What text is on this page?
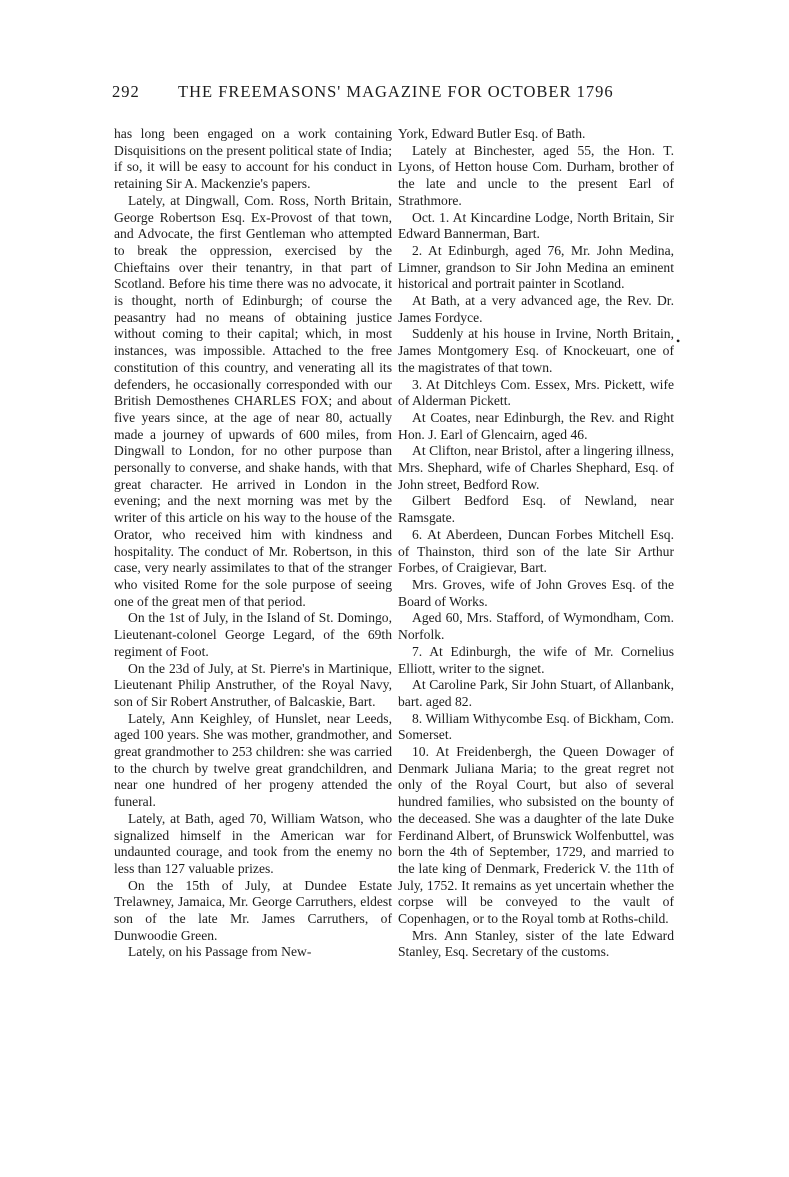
292 THE FREEMASONS' MAGAZINE FOR OCTOBER 1796

has long been engaged on a work containing Disquisitions on the present political state of India; if so, it will be easy to account for his conduct in retaining Sir A. Mackenzie's papers.

Lately, at Dingwall, Com. Ross, North Britain, George Robertson Esq. Ex-Provost of that town, and Advocate, the first Gentleman who attempted to break the oppression, exercised by the Chieftains over their tenantry, in that part of Scotland. Before his time there was no advocate, it is thought, north of Edinburgh; of course the peasantry had no means of obtaining justice without coming to their capital; which, in most instances, was impossible. Attached to the free constitution of this country, and venerating all its defenders, he occasionally corresponded with our British Demosthenes CHARLES FOX; and about five years since, at the age of near 80, actually made a journey of upwards of 600 miles, from Dingwall to London, for no other purpose than personally to converse, and shake hands, with that great character. He arrived in London in the evening; and the next morning was met by the writer of this article on his way to the house of the Orator, who received him with kindness and hospitality. The conduct of Mr. Robertson, in this case, very nearly assimilates to that of the stranger who visited Rome for the sole purpose of seeing one of the great men of that period.

On the 1st of July, in the Island of St. Domingo, Lieutenant-colonel George Legard, of the 69th regiment of Foot.

On the 23d of July, at St. Pierre's in Martinique, Lieutenant Philip Anstruther, of the Royal Navy, son of Sir Robert Anstruther, of Balcaskie, Bart.

Lately, Ann Keighley, of Hunslet, near Leeds, aged 100 years. She was mother, grandmother, and great grandmother to 253 children: she was carried to the church by twelve great grandchildren, and near one hundred of her progeny attended the funeral.

Lately, at Bath, aged 70, William Watson, who signalized himself in the American war for undaunted courage, and took from the enemy no less than 127 valuable prizes.

On the 15th of July, at Dundee Estate Trelawney, Jamaica, Mr. George Carruthers, eldest son of the late Mr. James Carruthers, of Dunwoodie Green.

Lately, on his Passage from New-

York, Edward Butler Esq. of Bath.

Lately at Binchester, aged 55, the Hon. T. Lyons, of Hetton house Com. Durham, brother of the late and uncle to the present Earl of Strathmore.

Oct. 1. At Kincardine Lodge, North Britain, Sir Edward Bannerman, Bart.

2. At Edinburgh, aged 76, Mr. John Medina, Limner, grandson to Sir John Medina an eminent historical and portrait painter in Scotland.

At Bath, at a very advanced age, the Rev. Dr. James Fordyce.

Suddenly at his house in Irvine, North Britain, James Montgomery Esq. of Knockeuart, one of the magistrates of that town.

3. At Ditchleys Com. Essex, Mrs. Pickett, wife of Alderman Pickett.

At Coates, near Edinburgh, the Rev. and Right Hon. J. Earl of Glencairn, aged 46.

At Clifton, near Bristol, after a lingering illness, Mrs. Shephard, wife of Charles Shephard, Esq. of John street, Bedford Row.

Gilbert Bedford Esq. of Newland, near Ramsgate.

6. At Aberdeen, Duncan Forbes Mitchell Esq. of Thainston, third son of the late Sir Arthur Forbes, of Craigievar, Bart.

Mrs. Groves, wife of John Groves Esq. of the Board of Works.

Aged 60, Mrs. Stafford, of Wymondham, Com. Norfolk.

7. At Edinburgh, the wife of Mr. Cornelius Elliott, writer to the signet.

At Caroline Park, Sir John Stuart, of Allanbank, bart. aged 82.

8. William Withycombe Esq. of Bickham, Com. Somerset.

10. At Freidenbergh, the Queen Dowager of Denmark Juliana Maria; to the great regret not only of the Royal Court, but also of several hundred families, who subsisted on the bounty of the deceased. She was a daughter of the late Duke Ferdinand Albert, of Brunswick Wolfenbuttel, was born the 4th of September, 1729, and married to the late king of Denmark, Frederick V. the 11th of July, 1752. It remains as yet uncertain whether the corpse will be conveyed to the vault of Copenhagen, or to the Royal tomb at Roths-child.

Mrs. Ann Stanley, sister of the late Edward Stanley, Esq. Secretary of the customs.

•
